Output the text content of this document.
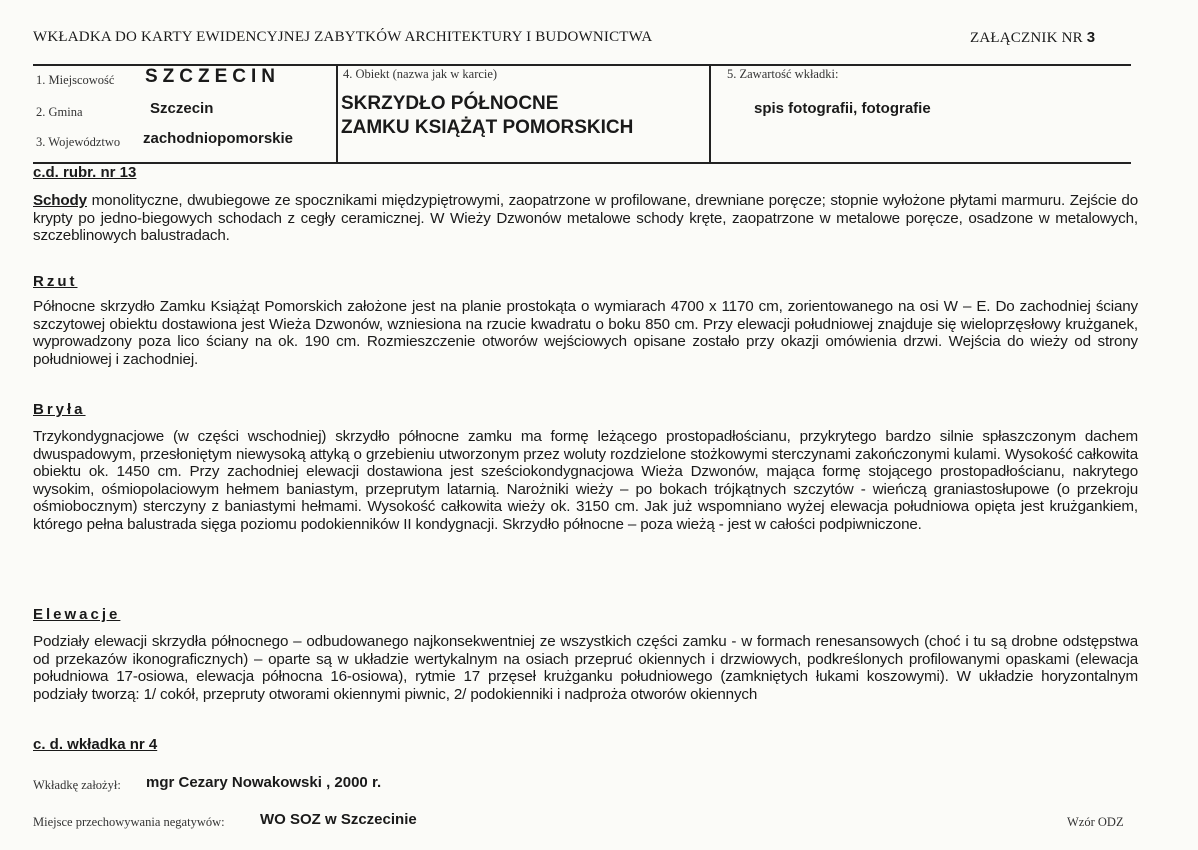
WKŁADKA DO KARTY EWIDENCYJNEJ ZABYTKÓW ARCHITEKTURY I BUDOWNICTWA	ZAŁĄCZNIK NR 3
1. Miejscowość SZCZECIN
2. Gmina	Szczecin
3. Województwo zachodniopomorskie
4. Obiekt (nazwa jak w karcie)
SKRZYDŁO PÓŁNOCNE
ZAMKU KSIĄŻĄT POMORSKICH
5. Zawartość wkładki:
spis fotografii, fotografie
c.d. rubr. nr 13
Schody monolityczne, dwubiegowe ze spocznikami międzypiętrowymi, zaopatrzone w profilowane, drewniane poręcze; stopnie wyłożone płytami marmuru. Zejście do krypty po jedno-biegowych schodach z cegły ceramicznej. W Wieży Dzwonów metalowe schody kręte, zaopatrzone w metalowe poręcze, osadzone w metalowych, szczeblinowych balustradach.
Rzut
Północne skrzydło Zamku Książąt Pomorskich założone jest na planie prostokąta o wymiarach 4700 x 1170 cm, zorientowanego na osi W – E. Do zachodniej ściany szczytowej obiektu dostawiona jest Wieża Dzwonów, wzniesiona na rzucie kwadratu o boku 850 cm. Przy elewacji południowej znajduje się wieloprzęsłowy krużganek, wyprowadzony poza lico ściany na ok. 190 cm. Rozmieszczenie otworów wejściowych opisane zostało przy okazji omówienia drzwi. Wejścia do wieży od strony południowej i zachodniej.
Bryła
Trzykondygnacjowe (w części wschodniej) skrzydło północne zamku ma formę leżącego prostopadłościanu, przykrytego bardzo silnie spłaszczonym dachem dwuspadowym, przesłoniętym niewysoką attyką o grzebieniu utworzonym przez woluty rozdzielone stożkowymi sterczynami zakończonymi kulami. Wysokość całkowita obiektu ok. 1450 cm. Przy zachodniej elewacji dostawiona jest sześciokondygnacjowa Wieża Dzwonów, mająca formę stojącego prostopadłościanu, nakrytego wysokim, ośmiopolaciowym hełmem baniastym, przeprutym latarnią. Narożniki wieży – po bokach trójkątnych szczytów - wieńczą graniastosłupowe (o przekroju ośmiobocznym) sterczyny z baniastymi hełmami. Wysokość całkowita wieży ok. 3150 cm. Jak już wspomniano wyżej elewacja południowa opięta jest krużgankiem, którego pełna balustrada sięga poziomu podokienników II kondygnacji. Skrzydło północne – poza wieżą - jest w całości podpiwniczone.
Elewacje
Podziały elewacji skrzydła północnego – odbudowanego najkonsekwentniej ze wszystkich części zamku - w formach renesansowych (choć i tu są drobne odstępstwa od przekazów ikonograficznych) – oparte są w układzie wertykalnym na osiach przepruć okiennych i drzwiowych, podkreślonych profilowanymi opaskami (elewacja południowa 17-osiowa, elewacja północna 16-osiowa), rytmie 17 przęseł krużganku południowego (zamkniętych łukami koszowymi). W układzie horyzontalnym podziały tworzą: 1/ cokół, przepruty otworami okiennymi piwnic, 2/ podokienniki i nadproża otworów okiennych
c. d. wkładka nr 4
Wkładkę założył: mgr Cezary Nowakowski , 2000 r.
Miejsce przechowywania negatywów: WO SOZ w Szczecinie	Wzór ODZ
